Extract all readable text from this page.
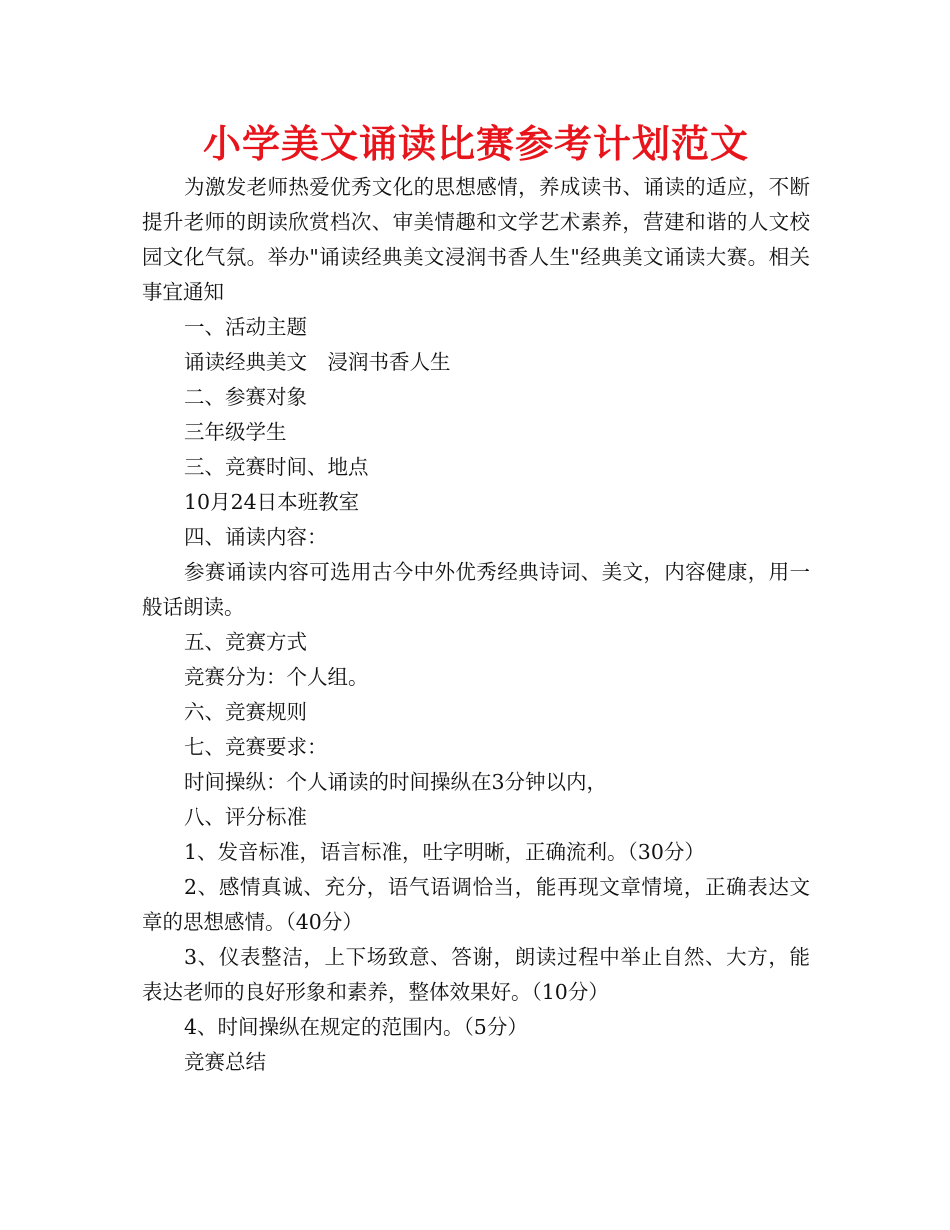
小学美文诵读比赛参考计划范文

为激发老师热爱优秀文化的思想感情，养成读书、诵读的适应，不断提升老师的朗读欣赏档次、审美情趣和文学艺术素养，营建和谐的人文校园文化气氛。举办"诵读经典美文浸润书香人生"经典美文诵读大赛。相关事宜通知

一、活动主题

诵读经典美文　浸润书香人生

二、参赛对象

三年级学生

三、竞赛时间、地点

10月24日本班教室

四、诵读内容：

参赛诵读内容可选用古今中外优秀经典诗词、美文，内容健康，用一般话朗读。

五、竞赛方式

竞赛分为：个人组。

六、竞赛规则

七、竞赛要求：

时间操纵：个人诵读的时间操纵在3分钟以内，

八、评分标准

1、发音标准，语言标准，吐字明晰，正确流利。（30分）

2、感情真诚、充分，语气语调恰当，能再现文章情境，正确表达文章的思想感情。（40分）

3、仪表整洁，上下场致意、答谢，朗读过程中举止自然、大方，能表达老师的良好形象和素养，整体效果好。（10分）

4、时间操纵在规定的范围内。（5分）

竞赛总结
